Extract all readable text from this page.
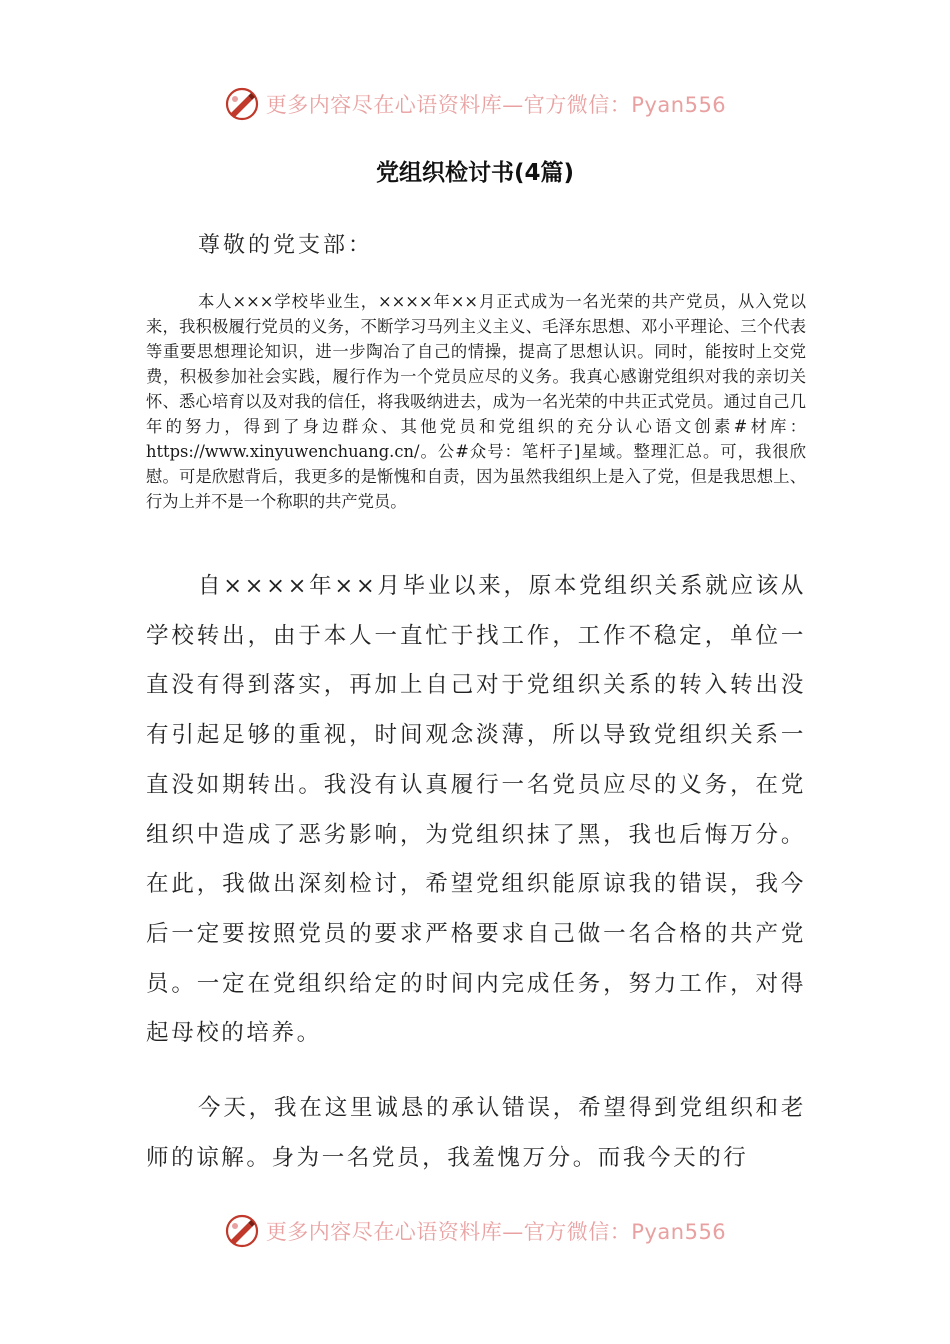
更多内容尽在心语资料库—官方微信：Pyan556
党组织检讨书(4篇)
尊敬的党支部：
本人×××学校毕业生，××××年××月正式成为一名光荣的共产党员，从入党以来，我积极履行党员的义务，不断学习马列主义主义、毛泽东思想、邓小平理论、三个代表等重要思想理论知识，进一步陶冶了自己的情操，提高了思想认识。同时，能按时上交党费，积极参加社会实践，履行作为一个党员应尽的义务。我真心感谢党组织对我的亲切关怀、悉心培育以及对我的信任，将我吸纳进去，成为一名光荣的中共正式党员。通过自己几年的努力，得到了身边群众、其他党员和党组织的充分认心语文创素#材库：https://www.xinyuwenchuang.cn/。公#众号：笔杆子]星域。整理汇总。可，我很欣慰。可是欣慰背后，我更多的是惭愧和自责，因为虽然我组织上是入了党，但是我思想上、行为上并不是一个称职的共产党员。
自××××年××月毕业以来，原本党组织关系就应该从学校转出，由于本人一直忙于找工作，工作不稳定，单位一直没有得到落实，再加上自己对于党组织关系的转入转出没有引起足够的重视，时间观念淡薄，所以导致党组织关系一直没如期转出。我没有认真履行一名党员应尽的义务，在党组织中造成了恶劣影响，为党组织抹了黑，我也后悔万分。在此，我做出深刻检讨，希望党组织能原谅我的错误，我今后一定要按照党员的要求严格要求自己做一名合格的共产党员。一定在党组织给定的时间内完成任务，努力工作，对得起母校的培养。
今天，我在这里诚恳的承认错误，希望得到党组织和老师的谅解。身为一名党员，我羞愧万分。而我今天的行
更多内容尽在心语资料库—官方微信：Pyan556
